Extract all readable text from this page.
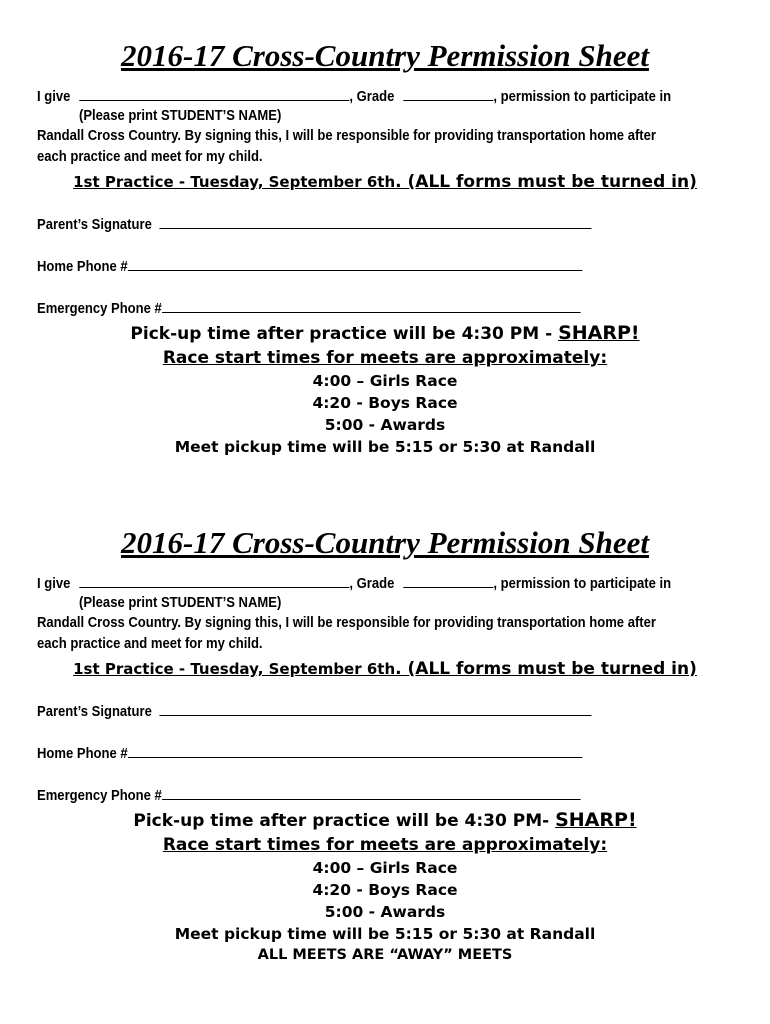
2016-17 Cross-Country Permission Sheet
I give	, Grade	, permission to participate in
(Please print STUDENT’S NAME)
Randall Cross Country. By signing this, I will be responsible for providing transportation home after
each practice and meet for my child.
1st Practice - Tuesday, September 6th. (ALL forms must be turned in)
Parent’s Signature
Home Phone #
Emergency Phone #
Pick-up time after practice will be 4:30 PM - SHARP!
Race start times for meets are approximately:
4:00 – Girls Race
4:20 - Boys Race
5:00 - Awards
Meet pickup time will be 5:15 or 5:30 at Randall
2016-17 Cross-Country Permission Sheet
I give	, Grade	, permission to participate in
(Please print STUDENT’S NAME)
Randall Cross Country. By signing this, I will be responsible for providing transportation home after
each practice and meet for my child.
1st Practice - Tuesday, September 6th. (ALL forms must be turned in)
Parent’s Signature
Home Phone #
Emergency Phone #
Pick-up time after practice will be 4:30 PM- SHARP!
Race start times for meets are approximately:
4:00 – Girls Race
4:20 - Boys Race
5:00 - Awards
Meet pickup time will be 5:15 or 5:30 at Randall
ALL MEETS ARE “AWAY” MEETS
